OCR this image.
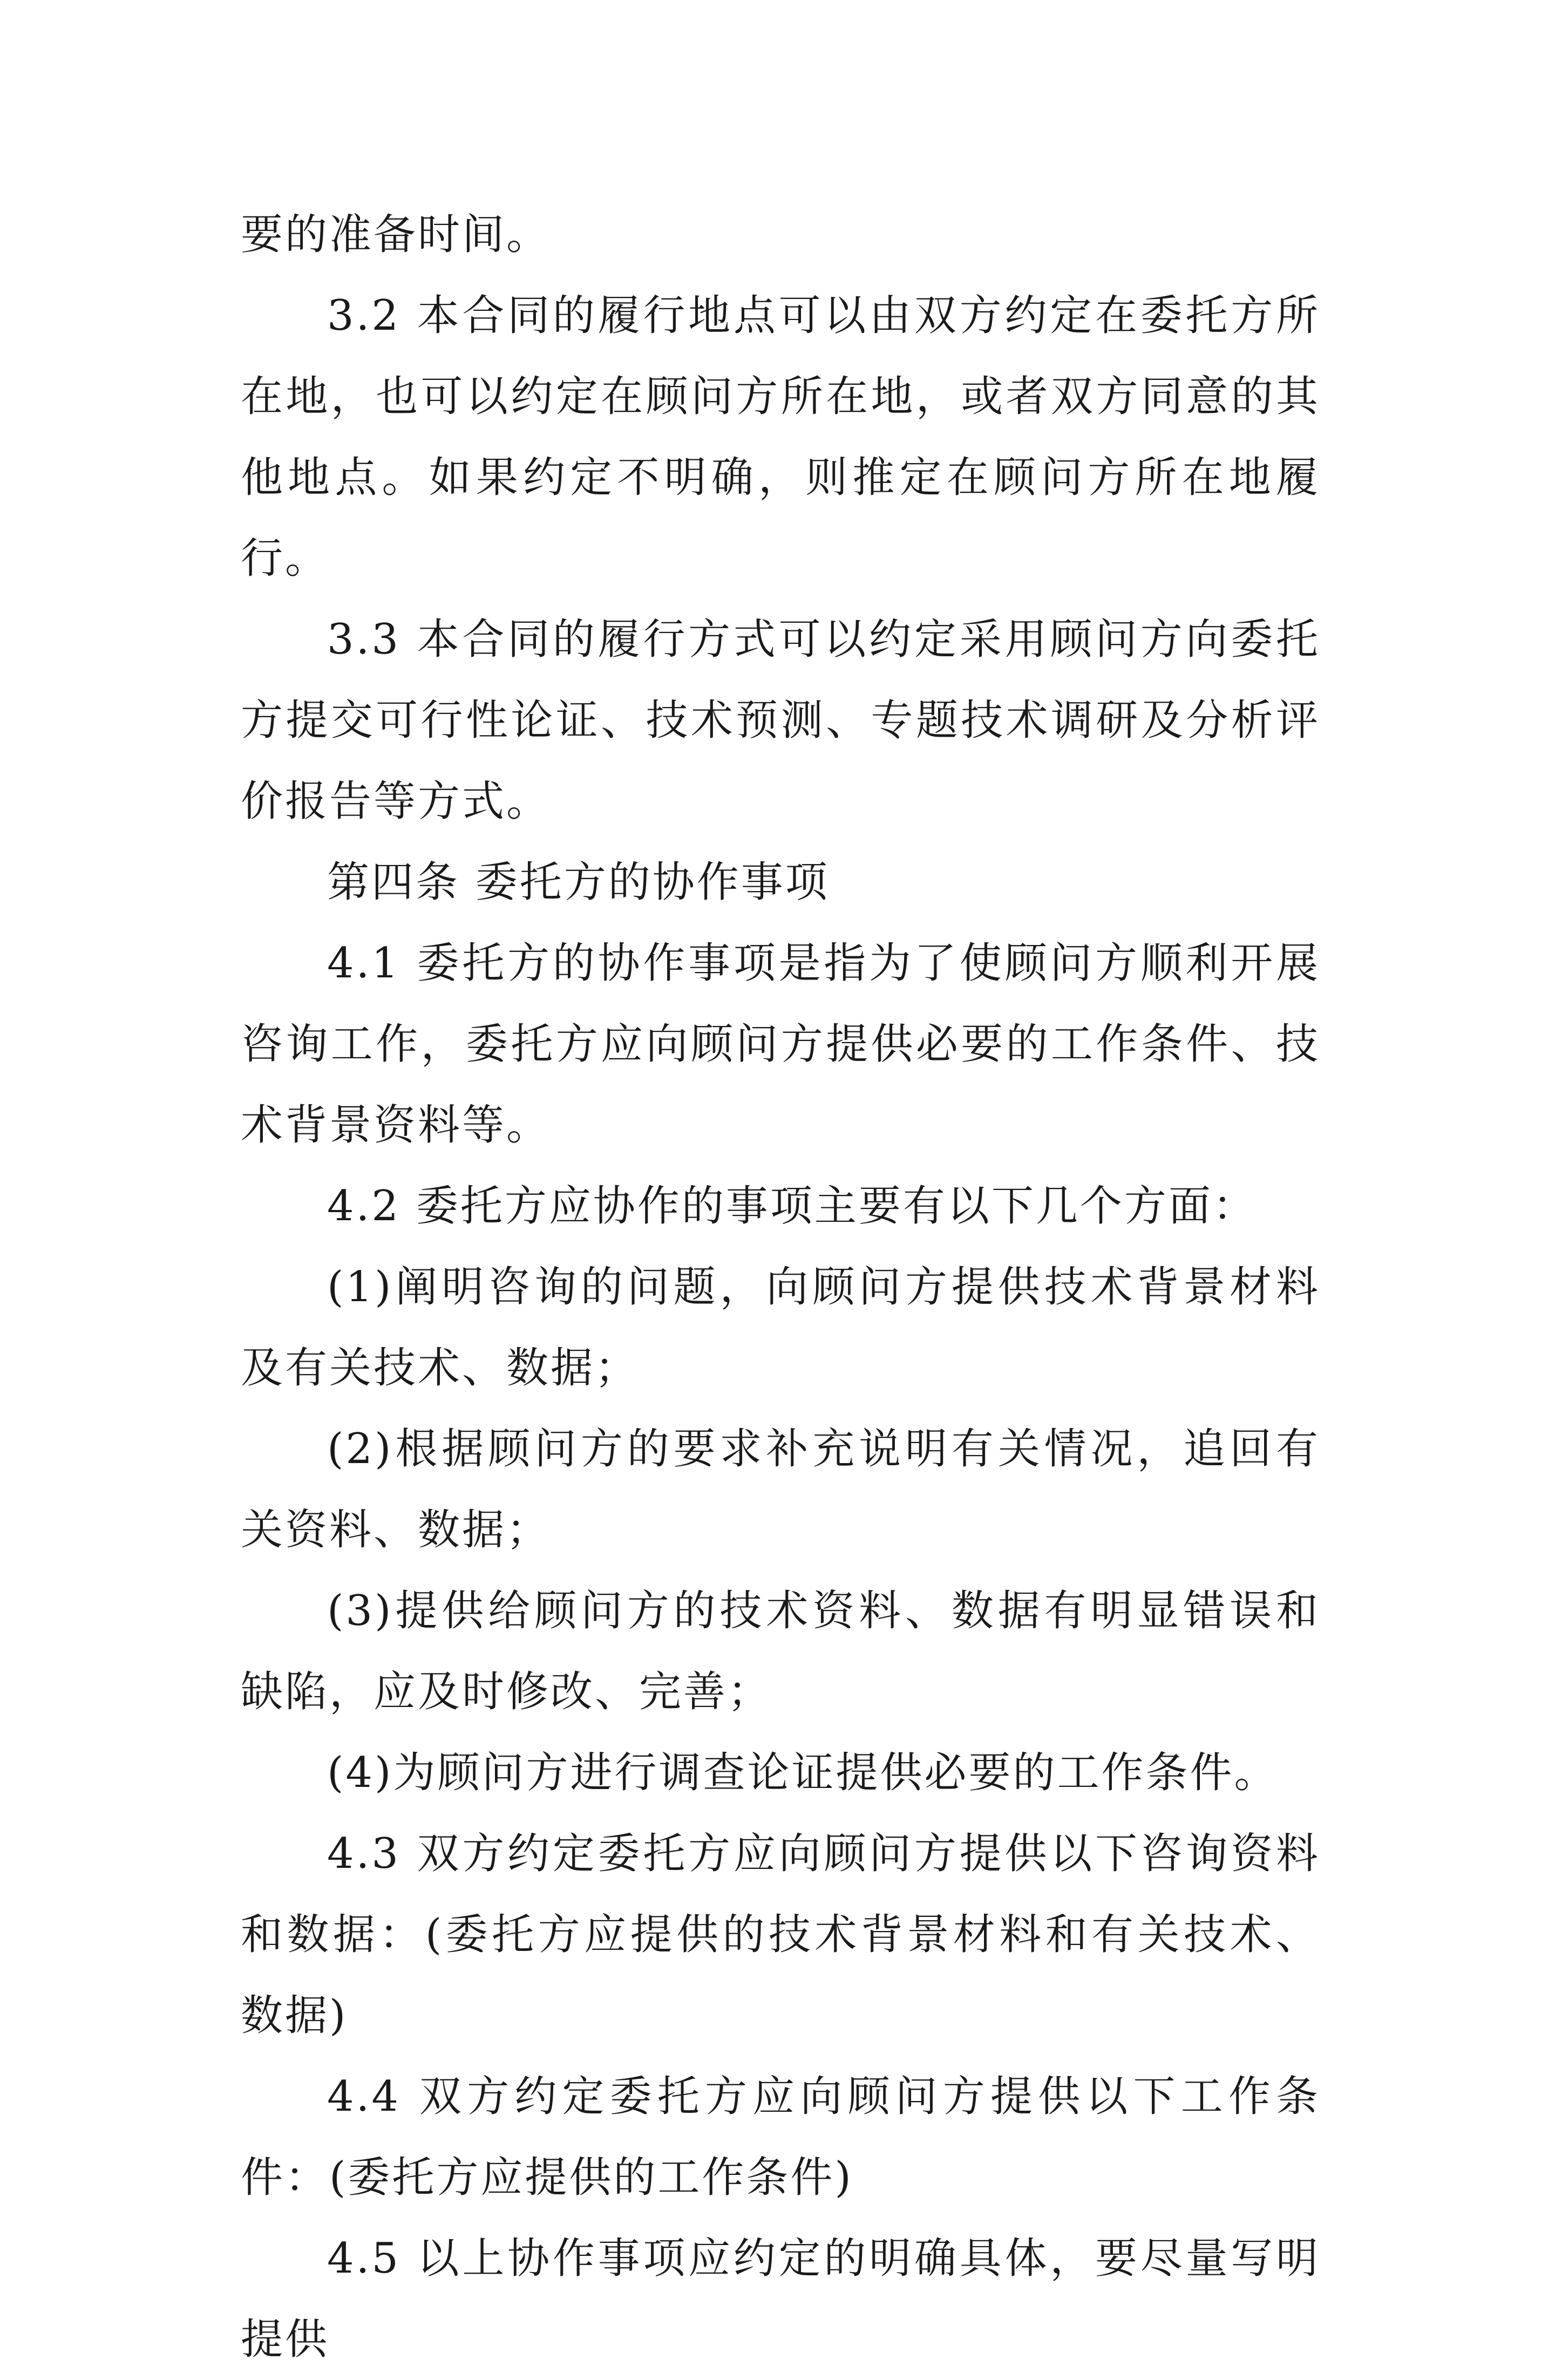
要的准备时间。

3.2 本合同的履行地点可以由双方约定在委托方所在地，也可以约定在顾问方所在地，或者双方同意的其他地点。如果约定不明确，则推定在顾问方所在地履行。

3.3 本合同的履行方式可以约定采用顾问方向委托方提交可行性论证、技术预测、专题技术调研及分析评价报告等方式。

第四条 委托方的协作事项

4.1 委托方的协作事项是指为了使顾问方顺利开展咨询工作，委托方应向顾问方提供必要的工作条件、技术背景资料等。

4.2 委托方应协作的事项主要有以下几个方面：

(1)阐明咨询的问题，向顾问方提供技术背景材料及有关技术、数据；

(2)根据顾问方的要求补充说明有关情况，追回有关资料、数据；

(3)提供给顾问方的技术资料、数据有明显错误和缺陷，应及时修改、完善；

(4)为顾问方进行调查论证提供必要的工作条件。

4.3 双方约定委托方应向顾问方提供以下咨询资料和数据：(委托方应提供的技术背景材料和有关技术、数据)

4.4 双方约定委托方应向顾问方提供以下工作条件：(委托方应提供的工作条件)

4.5 以上协作事项应约定的明确具体，要尽量写明提供
